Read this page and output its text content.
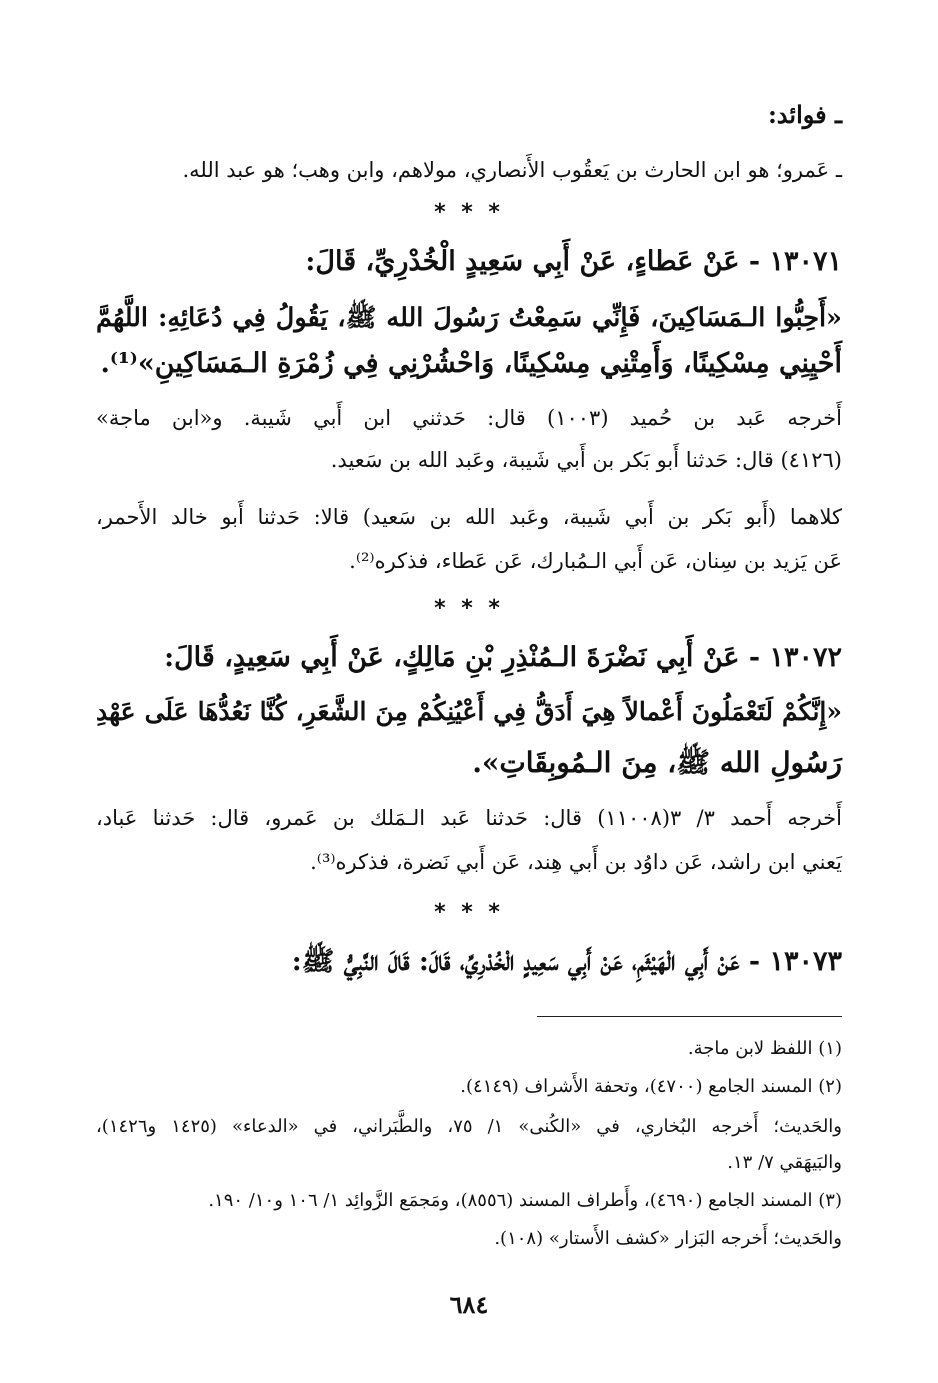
ـ فوائد:
ـ عَمرو؛ هو ابن الحارث بن يَعقُوب الأَنصاري، مولاهم، وابن وهب؛ هو عبد الله.
* * *
١٣٠٧١ - عَنْ عَطاءٍ، عَنْ أَبِي سَعِيدٍ الْخُدْرِيِّ، قَالَ:
«أَحِبُّوا الـمَسَاكِينَ، فَإِنِّي سَمِعْتُ رَسُولَ الله ﷺ، يَقُولُ فِي دُعَائِهِ: اللَّهُمَّ
أَحْيِنِي مِسْكِينًا، وَأَمِتْنِي مِسْكِينًا، وَاحْشُرْنِي فِي زُمْرَةِ الـمَسَاكِينِ»⁽¹⁾.
أَخرجه عَبد بن حُميد (١٠٠٣) قال: حَدثني ابن أَبي شَيبة. و«ابن ماجة»
(٤١٢٦) قال: حَدثنا أَبو بَكر بن أَبي شَيبة، وعَبد الله بن سَعيد.
كلاهما (أَبو بَكر بن أَبي شَيبة، وعَبد الله بن سَعيد) قالا: حَدثنا أَبو خالد الأَحمر،
عَن يَزيد بن سِنان، عَن أَبي الـمُبارك، عَن عَطاء، فذكره⁽²⁾.
* * *
١٣٠٧٢ - عَنْ أَبِي نَضْرَةَ الـمُنْذِرِ بْنِ مَالِكٍ، عَنْ أَبِي سَعِيدٍ، قَالَ:
«إِنَّكُمْ لَتَعْمَلُونَ أَعْمالاً هِيَ أَدَقُّ فِي أَعْيُنِكُمْ مِنَ الشَّعَرِ، كُنَّا نَعُدُّهَا عَلَى عَهْدِ
رَسُولِ الله ﷺ، مِنَ الـمُوبِقَاتِ».
أَخرجه أَحمد ٣/ ٣(١١٠٠٨) قال: حَدثنا عَبد الـمَلك بن عَمرو، قال: حَدثنا عَباد،
يَعني ابن راشد، عَن داوُد بن أَبي هِند، عَن أَبي نَضرة، فذكره⁽³⁾.
* * *
١٣٠٧٣ - عَنْ أَبِي الْهَيْثَمِ، عَنْ أَبِي سَعِيدٍ الْخُدْرِيِّ، قَالَ: قَالَ النَّبِيُّ ﷺ:
(١) اللفظ لابن ماجة.
(٢) المسند الجامع (٤٧٠٠)، وتحفة الأَشراف (٤١٤٩).
والحَديث؛ أَخرجه البُخاري، في «الكُنى» ١/ ٧٥، والطَّبَراني، في «الدعاء» (١٤٢٥ و١٤٢٦)،
والبَيهَقي ٧/ ١٣.
(٣) المسند الجامع (٤٦٩٠)، وأَطراف المسند (٨٥٥٦)، ومَجمَع الزَّوائِد ١/ ١٠٦ و١٠/ ١٩٠.
والحَديث؛ أَخرجه البَزار «كشف الأَستار» (١٠٨).
٦٨٤
